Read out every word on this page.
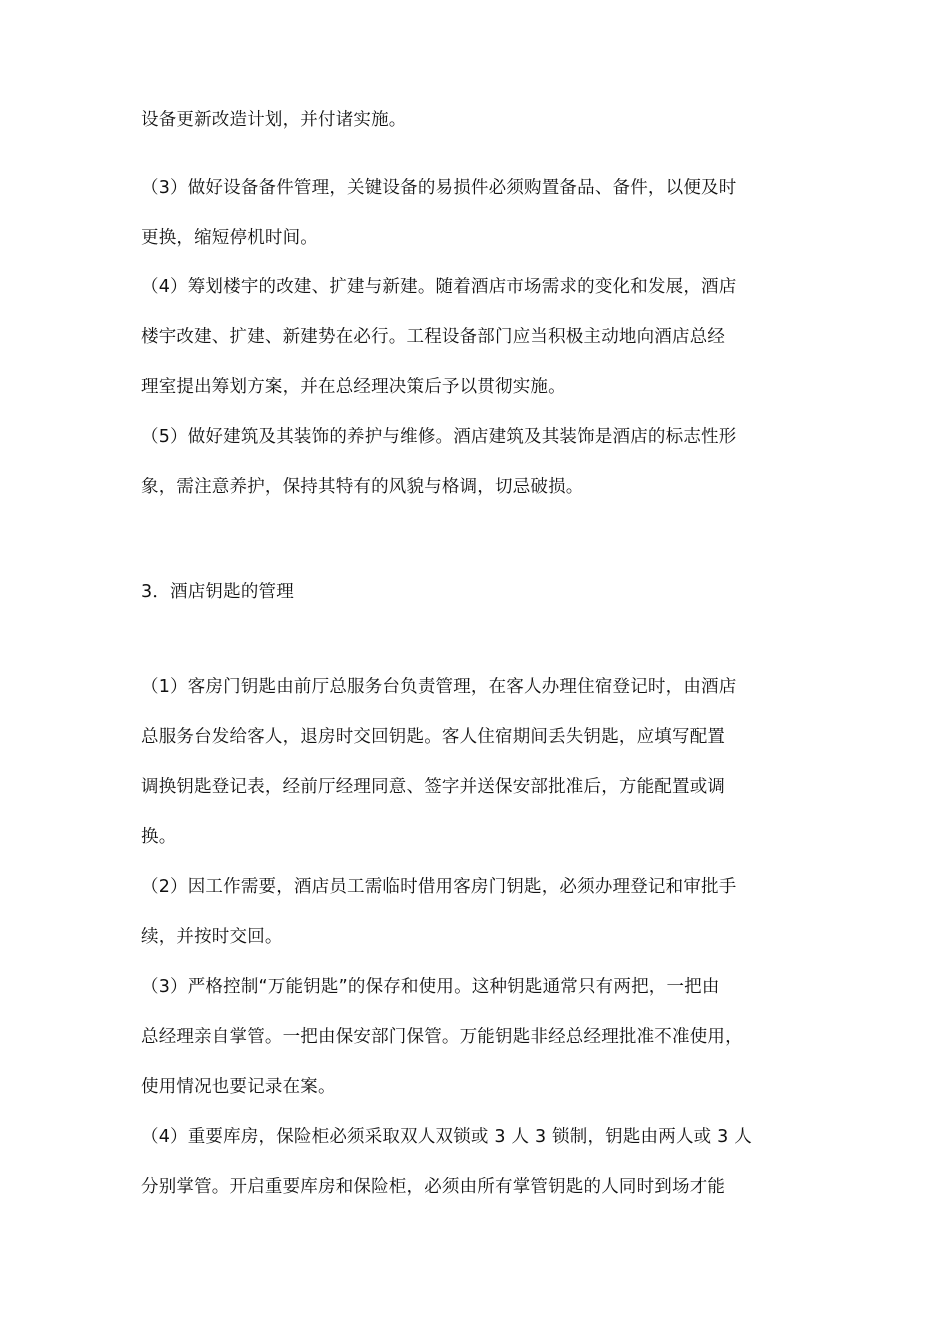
设备更新改造计划，并付诸实施。
（3）做好设备备件管理，关键设备的易损件必须购置备品、备件，以便及时
更换，缩短停机时间。
（4）筹划楼宇的改建、扩建与新建。随着酒店市场需求的变化和发展，酒店
楼宇改建、扩建、新建势在必行。工程设备部门应当积极主动地向酒店总经
理室提出筹划方案，并在总经理决策后予以贯彻实施。
（5）做好建筑及其装饰的养护与维修。酒店建筑及其装饰是酒店的标志性形
象，需注意养护，保持其特有的风貌与格调，切忌破损。
3．酒店钥匙的管理
（1）客房门钥匙由前厅总服务台负责管理，在客人办理住宿登记时，由酒店
总服务台发给客人，退房时交回钥匙。客人住宿期间丢失钥匙，应填写配置
调换钥匙登记表，经前厅经理同意、签字并送保安部批准后，方能配置或调
换。
（2）因工作需要，酒店员工需临时借用客房门钥匙，必须办理登记和审批手
续，并按时交回。
（3）严格控制“万能钥匙”的保存和使用。这种钥匙通常只有两把，一把由
总经理亲自掌管。一把由保安部门保管。万能钥匙非经总经理批准不准使用，
使用情况也要记录在案。
（4）重要库房，保险柜必须采取双人双锁或 3 人 3 锁制，钥匙由两人或 3 人
分别掌管。开启重要库房和保险柜，必须由所有掌管钥匙的人同时到场才能
